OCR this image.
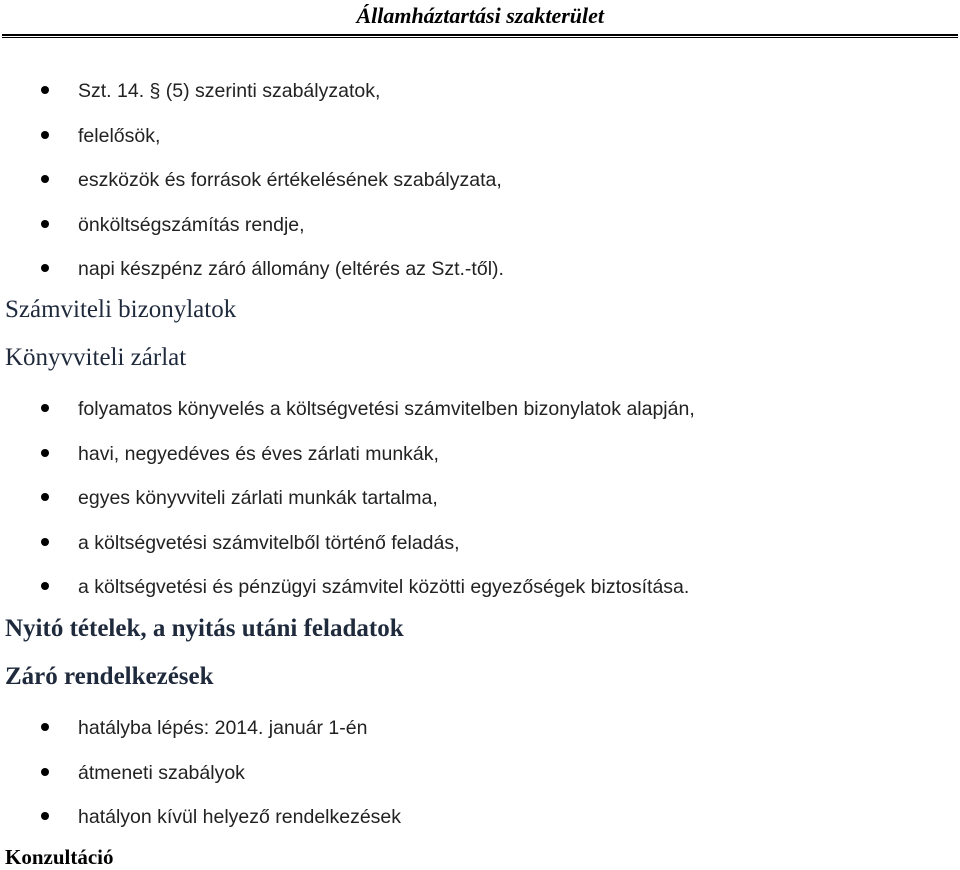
Államháztartási szakterület
Szt. 14. § (5) szerinti szabályzatok,
felelősök,
eszközök és források értékelésének szabályzata,
önköltségszámítás rendje,
napi készpénz záró állomány (eltérés az Szt.-től).
Számviteli bizonylatok
Könyvviteli zárlat
folyamatos könyvelés a költségvetési számvitelben bizonylatok alapján,
havi, negyedéves és éves zárlati munkák,
egyes könyvviteli zárlati munkák tartalma,
a költségvetési számvitelből történő feladás,
a költségvetési és pénzügyi számvitel közötti egyezőségek biztosítása.
Nyitó tételek, a nyitás utáni feladatok
Záró rendelkezések
hatályba lépés: 2014. január 1-én
átmeneti szabályok
hatályon kívül helyező rendelkezések
Konzultáció
